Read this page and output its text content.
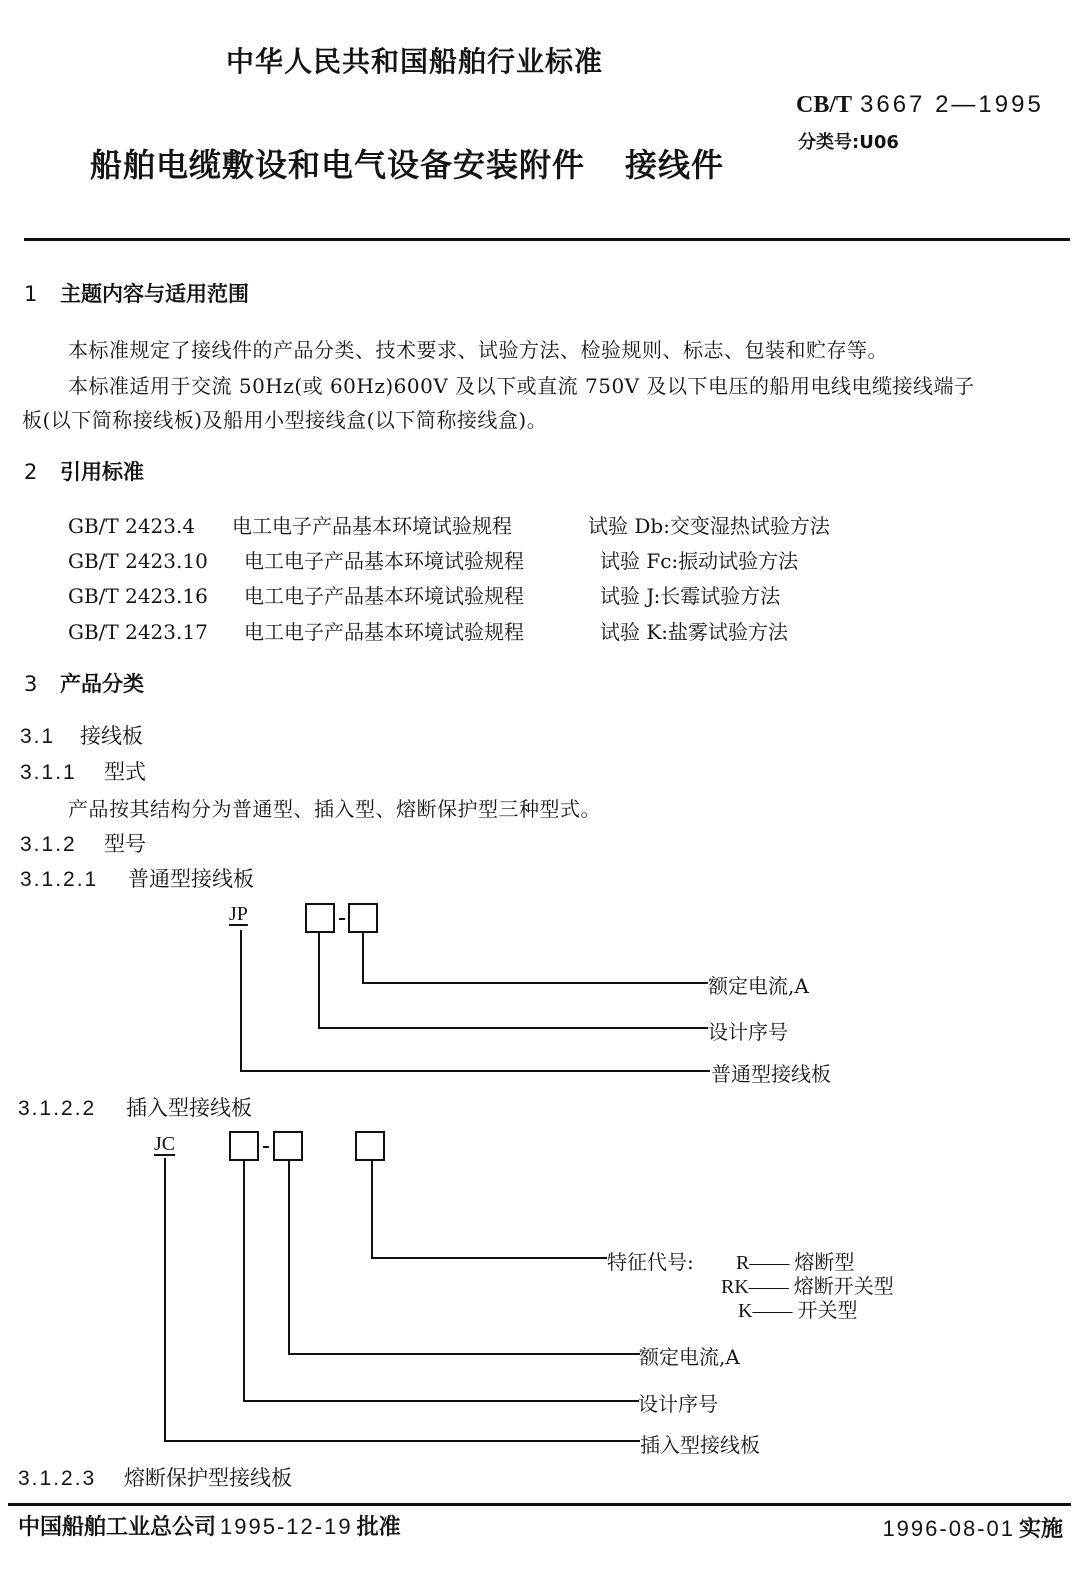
中华人民共和国船舶行业标准
CB/T 3667 2—1995
分类号:U06
船舶电缆敷设和电气设备安装附件 接线件
1 主题内容与适用范围
本标准规定了接线件的产品分类、技术要求、试验方法、检验规则、标志、包装和贮存等。
本标准适用于交流 50Hz(或 60Hz)600V 及以下或直流 750V 及以下电压的船用电线电缆接线端子
板(以下简称接线板)及船用小型接线盒(以下简称接线盒)。
2 引用标准
GB/T 2423.4 电工电子产品基本环境试验规程	试验 Db:交变湿热试验方法
GB/T 2423.10 电工电子产品基本环境试验规程	试验 Fc:振动试验方法
GB/T 2423.16 电工电子产品基本环境试验规程	试验 J:长霉试验方法
GB/T 2423.17 电工电子产品基本环境试验规程	试验 K:盐雾试验方法
3 产品分类
3.1 接线板
3.1.1 型式
产品按其结构分为普通型、插入型、熔断保护型三种型式。
3.1.2 型号
3.1.2.1 普通型接线板
JP
额定电流,A
设计序号
普通型接线板
3.1.2.2 插入型接线板
JC
特征代号: R—— 熔断型
RK—— 熔断开关型
K—— 开关型
额定电流,A
设计序号
插入型接线板
3.1.2.3 熔断保护型接线板
中国船舶工业总公司 1995-12-19 批准	1996-08-01 实施
